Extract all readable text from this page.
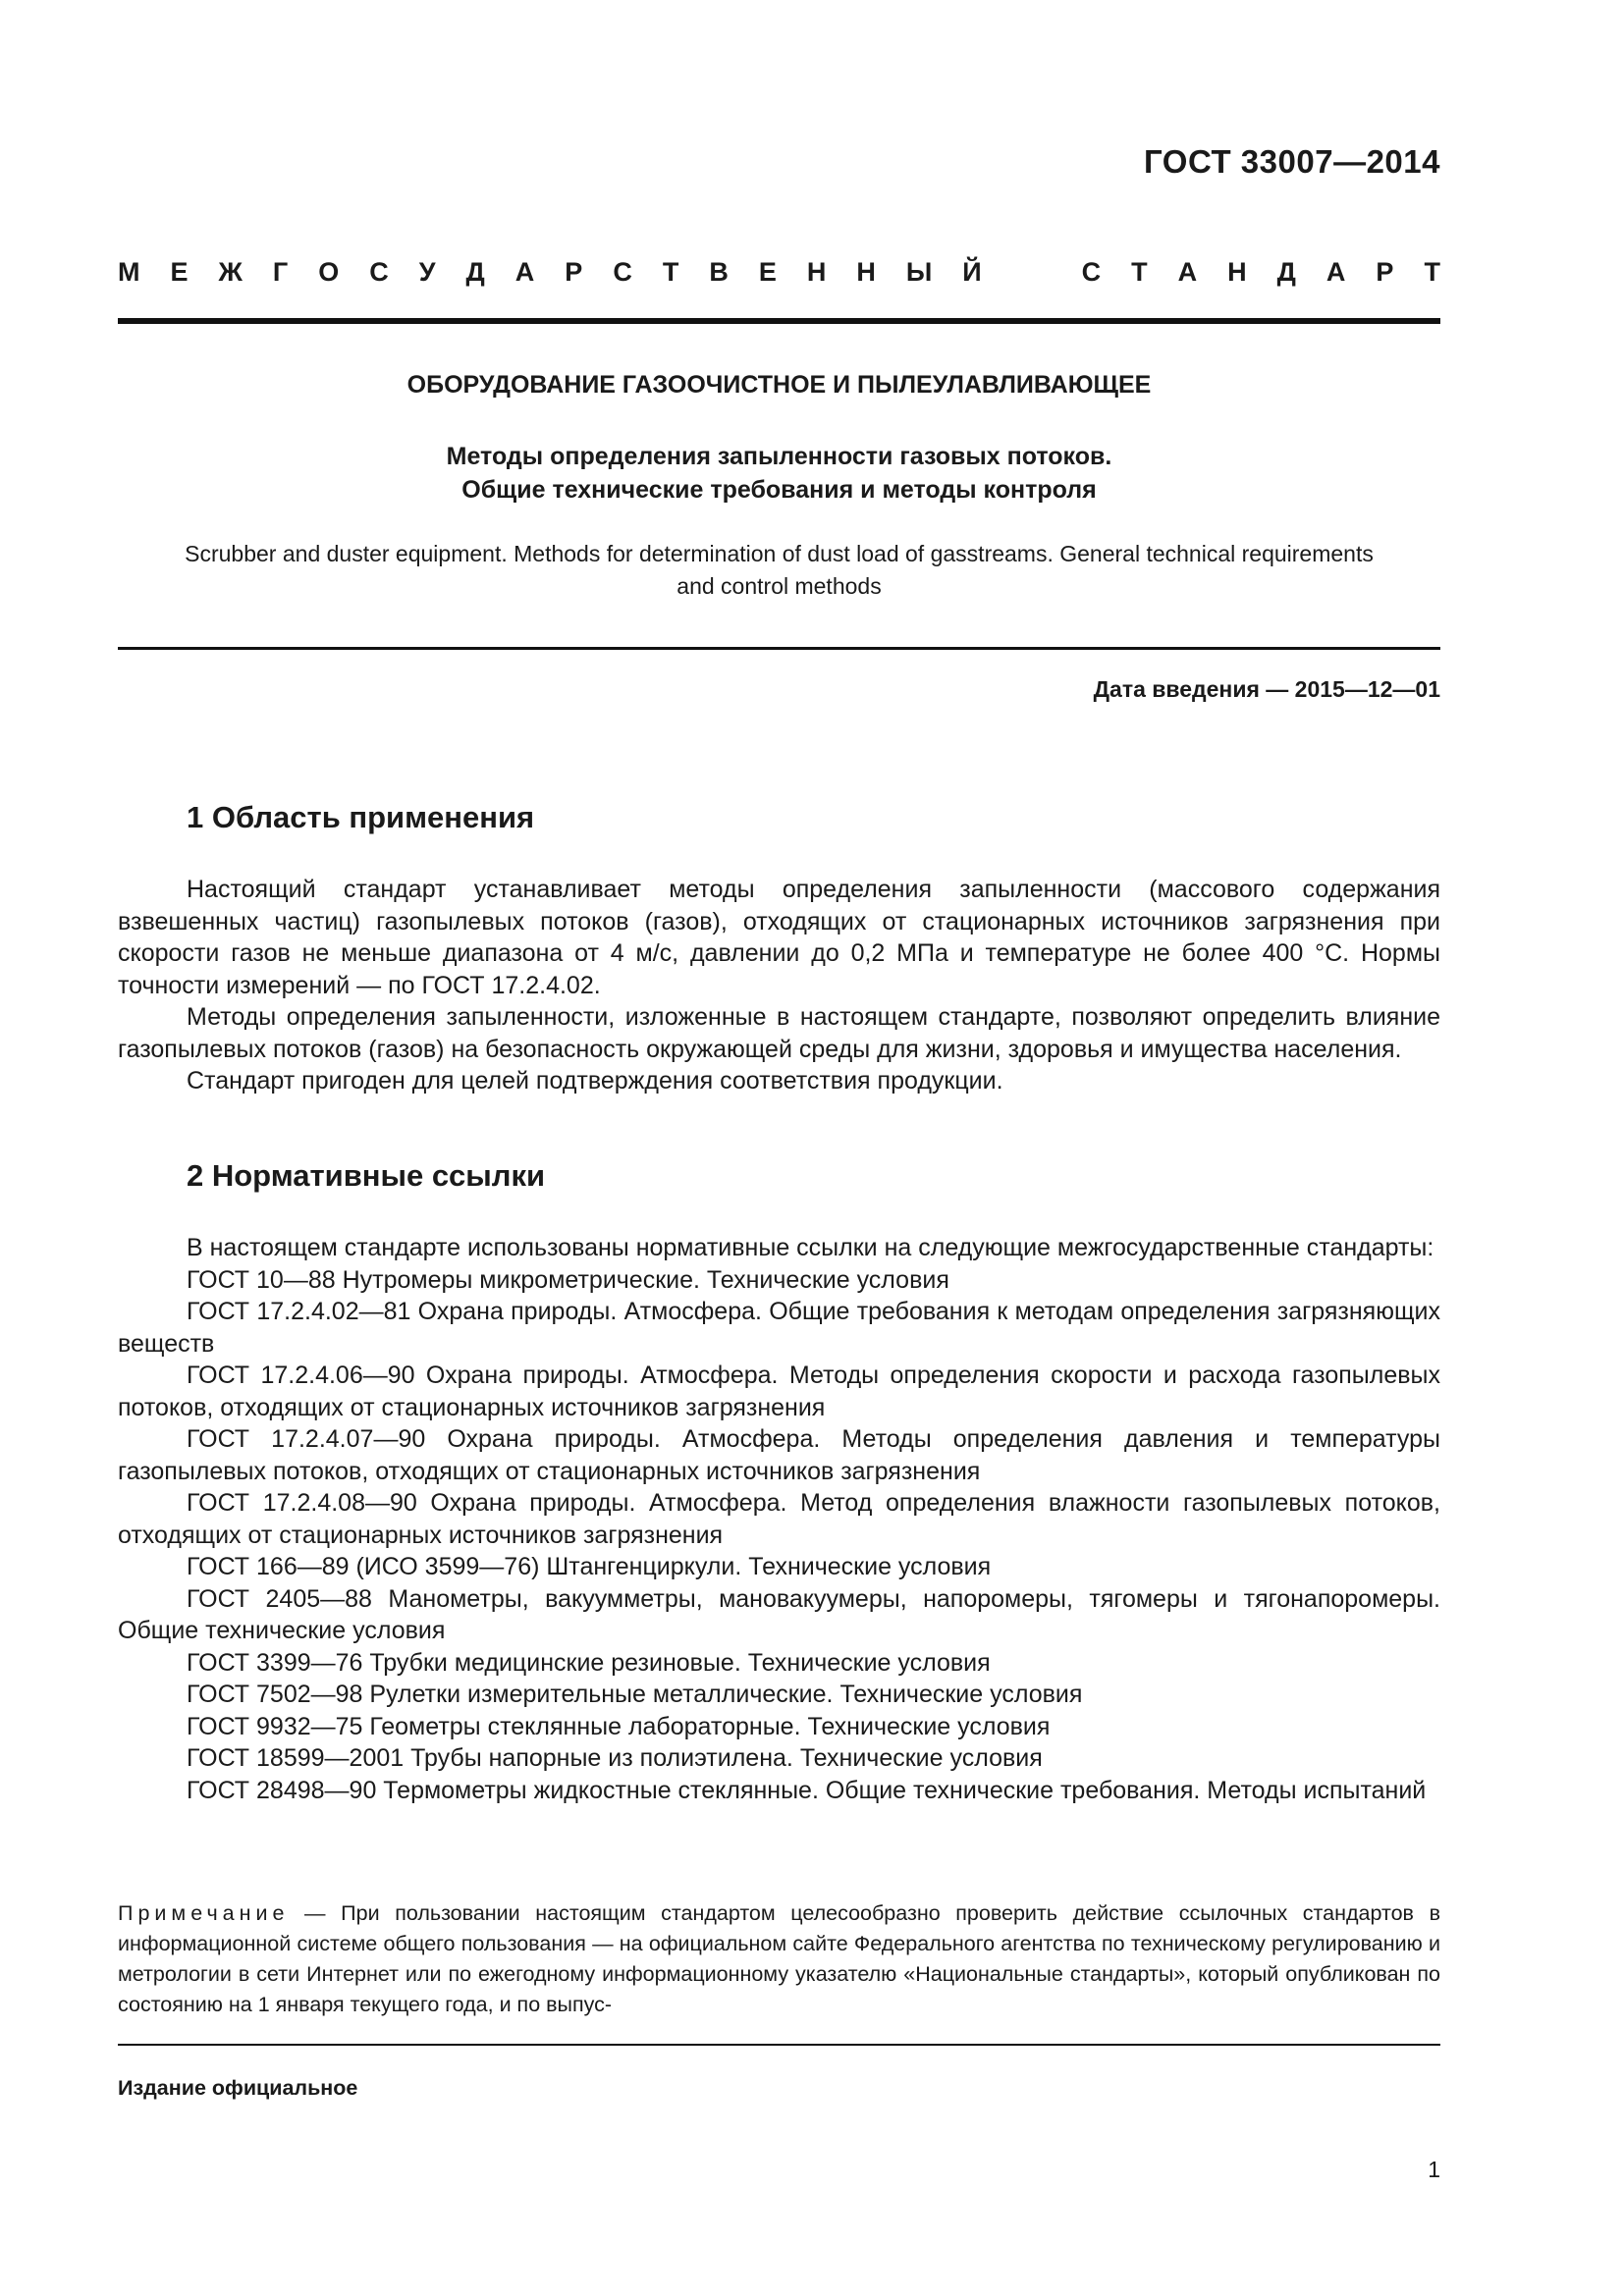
ГОСТ 33007—2014
М Е Ж Г О С У Д А Р С Т В Е Н Н Ы Й	С Т А Н Д А Р Т
ОБОРУДОВАНИЕ ГАЗООЧИСТНОЕ И ПЫЛЕУЛАВЛИВАЮЩЕЕ
Методы определения запыленности газовых потоков.
Общие технические требования и методы контроля
Scrubber and duster equipment. Methods for determination of dust load of gasstreams. General technical requirements
and control methods
Дата введения — 2015—12—01
1 Область применения

Настоящий стандарт устанавливает методы определения запыленности (массового содержания взвешенных частиц) газопылевых потоков (газов), отходящих от стационарных источников загрязнения при скорости газов не меньше диапазона от 4 м/с, давлении до 0,2 МПа и температуре не более 400 °С. Нормы точности измерений — по ГОСТ 17.2.4.02.

Методы определения запыленности, изложенные в настоящем стандарте, позволяют определить влияние газопылевых потоков (газов) на безопасность окружающей среды для жизни, здоровья и имущества населения.

Стандарт пригоден для целей подтверждения соответствия продукции.

2 Нормативные ссылки

В настоящем стандарте использованы нормативные ссылки на следующие межгосударственные стандарты:

ГОСТ 10—88 Нутромеры микрометрические. Технические условия

ГОСТ 17.2.4.02—81 Охрана природы. Атмосфера. Общие требования к методам определения загрязняющих веществ

ГОСТ 17.2.4.06—90 Охрана природы. Атмосфера. Методы определения скорости и расхода газопылевых потоков, отходящих от стационарных источников загрязнения

ГОСТ 17.2.4.07—90 Охрана природы. Атмосфера. Методы определения давления и температуры газопылевых потоков, отходящих от стационарных источников загрязнения

ГОСТ 17.2.4.08—90 Охрана природы. Атмосфера. Метод определения влажности газопылевых потоков, отходящих от стационарных источников загрязнения

ГОСТ 166—89 (ИСО 3599—76) Штангенциркули. Технические условия

ГОСТ 2405—88 Манометры, вакуумметры, мановакуумеры, напоромеры, тягомеры и тягонапоромеры. Общие технические условия

ГОСТ 3399—76 Трубки медицинские резиновые. Технические условия

ГОСТ 7502—98 Рулетки измерительные металлические. Технические условия

ГОСТ 9932—75 Геометры стеклянные лабораторные. Технические условия

ГОСТ 18599—2001 Трубы напорные из полиэтилена. Технические условия

ГОСТ 28498—90 Термометры жидкостные стеклянные. Общие технические требования. Методы испытаний

Примечание — При пользовании настоящим стандартом целесообразно проверить действие ссылочных стандартов в информационной системе общего пользования — на официальном сайте Федерального агентства по техническому регулированию и метрологии в сети Интернет или по ежегодному информационному указателю «Национальные стандарты», который опубликован по состоянию на 1 января текущего года, и по выпус-
Издание официальное
1
